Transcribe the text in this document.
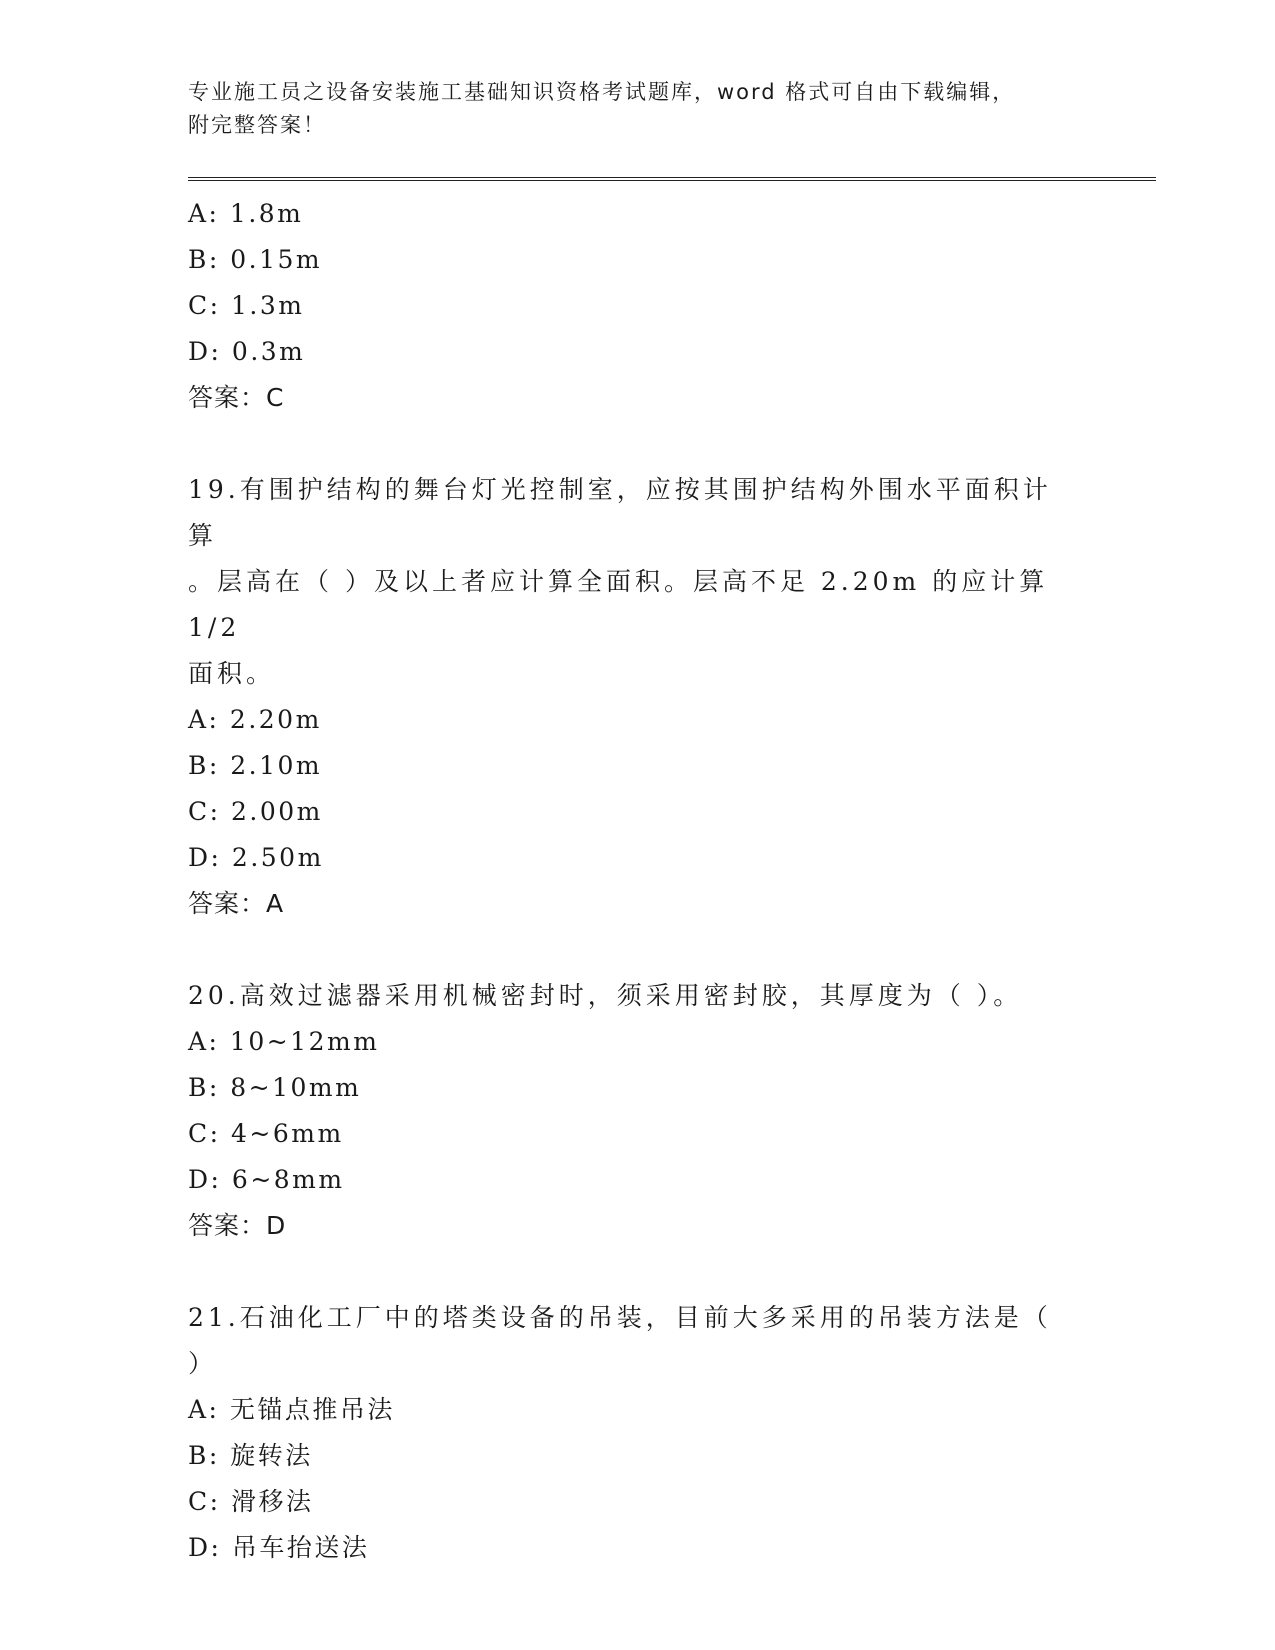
专业施工员之设备安装施工基础知识资格考试题库，word 格式可自由下载编辑，
附完整答案！
A: 1.8m
B: 0.15m
C: 1.3m
D: 0.3m
答案：C
19.有围护结构的舞台灯光控制室，应按其围护结构外围水平面积计算
。层高在（ ）及以上者应计算全面积。层高不足 2.20m 的应计算 1/2
面积。
A: 2.20m
B: 2.10m
C: 2.00m
D: 2.50m
答案：A
20.高效过滤器采用机械密封时，须采用密封胶，其厚度为（ ）。
A: 10~12mm
B: 8~10mm
C: 4~6mm
D: 6~8mm
答案：D
21.石油化工厂中的塔类设备的吊装，目前大多采用的吊装方法是（
）
A: 无锚点推吊法
B: 旋转法
C: 滑移法
D: 吊车抬送法
